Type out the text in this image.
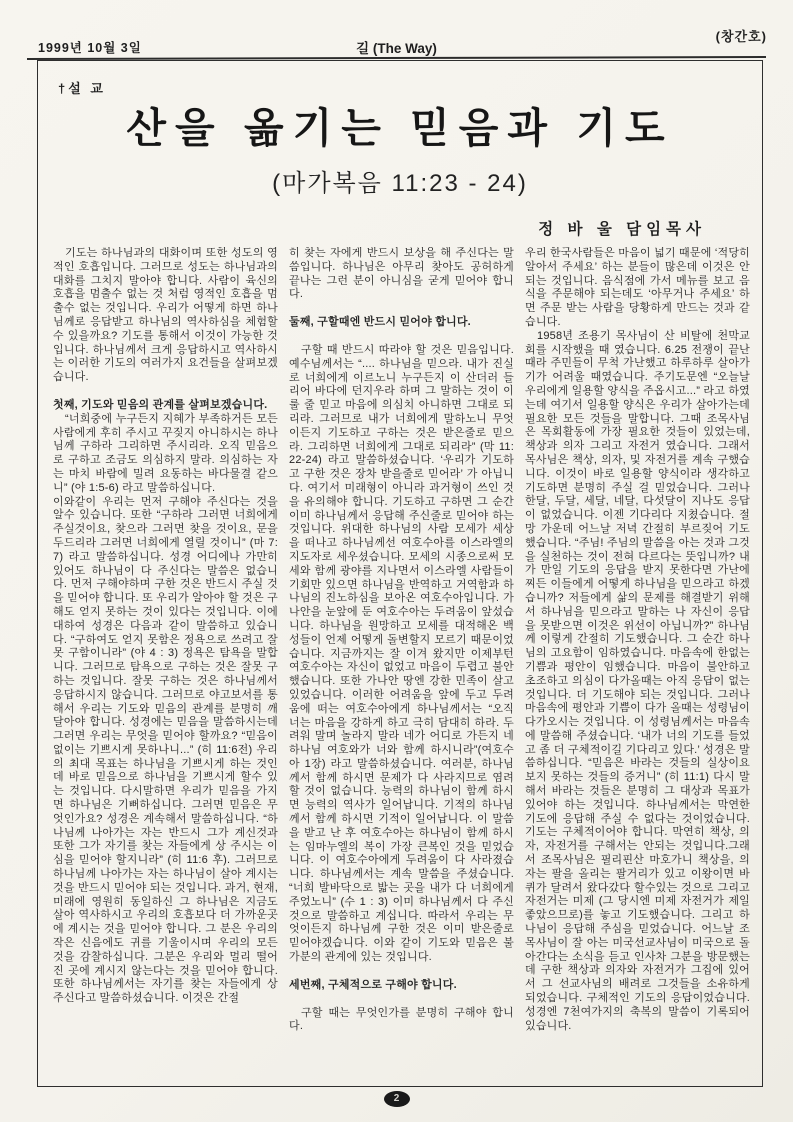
(창간호)
1999년 10월 3일	길 (The Way)
†설 교
산을 옮기는 믿음과 기도
(마가복음 11:23 - 24)
정 바 울 담임목사

기도는 하나님과의 대화이며 또한 성도의 영적인 호흡입니다. 그러므로 성도는 하나님과의 대화를 그치지 말아야 합니다. 사람이 육신의 호흡을 멈출수 없는 것 처럼 영적인 호흡을 멈출수 없는 것입니다. 우리가 어떻게 하면 하나님께로 응답받고 하나님의 역사하심을 체험할 수 있을까요? 기도를 통해서 이것이 가능한 것입니다. 하나님께서 크게 응답하시고 역사하시는 이러한 기도의 여러가지 요건들을 살펴보겠습니다.

첫째, 기도와 믿음의 관계를 살펴보겠습니다.

“너희중에 누구든지 지혜가 부족하거든 모든 사람에게 후히 주시고 꾸짖지 아니하시는 하나님께 구하라 그리하면 주시리라. 오직 믿음으로 구하고 조금도 의심하지 말라. 의심하는 자는 마치 바람에 밀려 요동하는 바다물결 같으니” (야 1:5-6) 라고 말씀하십니다.

이와같이 우리는 먼저 구해야 주신다는 것을 알수 있습니다. 또한 “구하라 그러면 너희에게 주실것이요, 찾으라 그러면 찾을 것이요, 문을 두드리라 그러면 너희에게 열릴 것이니” (마 7:7) 라고 말씀하십니다. 성경 어디에나 가만히 있어도 하나님이 다 주신다는 말씀은 없습니다. 먼저 구해야하며 구한 것은 반드시 주실 것을 믿어야 합니다. 또 우리가 알아야 할 것은 구해도 얻지 못하는 것이 있다는 것입니다. 이에 대하여 성경은 다음과 같이 말씀하고 있습니다. “구하여도 얻지 못함은 정욕으로 쓰려고 잘못 구함이니라” (야 4 : 3) 정욕은 탐욕을 말합니다. 그러므로 탐욕으로 구하는 것은 잘못 구하는 것입니다. 잘못 구하는 것은 하나님께서 응답하시지 않습니다. 그러므로 야고보서를 통해서 우리는 기도와 믿음의 관계를 분명히 깨달아야 합니다. 성경에는 믿음을 말씀하시는데 그러면 우리는 무엇을 믿어야 할까요? “믿음이 없이는 기쁘시게 못하나니...” (히 11:6전) 우리의 최대 목표는 하나님을 기쁘시게 하는 것인데 바로 믿음으로 하나님을 기쁘시게 할수 있는 것입니다. 다시말하면 우리가 믿음을 가지면 하나님은 기뻐하십니다. 그러면 믿음은 무엇인가요? 성경은 계속해서 말씀하십니다. “하나님께 나아가는 자는 반드시 그가 계신것과 또한 그가 자기를 찾는 자들에게 상 주시는 이심을 믿어야 할지니라” (히 11:6 후). 그러므로 하나님께 나아가는 자는 하나님이 살아 계시는 것을 반드시 믿어야 되는 것입니다. 과거, 현재, 미래에 영원히 동일하신 그 하나님은 지금도 살아 역사하시고 우리의 호흡보다 더 가까운곳에 계시는 것을 믿어야 합니다. 그 분은 우리의 작은 신음에도 귀를 기울이시며 우리의 모든 것을 감찰하십니다. 그분은 우리와 멀리 떨어진 곳에 계시지 않는다는 것을 믿어야 합니다. 또한 하나님께서는 자기를 찾는 자들에게 상 주신다고 말씀하셨습니다. 이것은 간절

히 찾는 자에게 반드시 보상을 해 주신다는 말씀입니다. 하나님은 아무리 찾아도 공허하게 끝나는 그런 분이 아니심을 굳게 믿어야 합니다.

둘째, 구할때엔 반드시 믿어야 합니다.

구할 때 반드시 따라야 할 것은 믿음입니다. 예수님께서는 “.... 하나님을 믿으라. 내가 진실로 너희에게 이르노니 누구든지 이 산더러 들리어 바다에 던지우라 하며 그 말하는 것이 이룰 줄 믿고 마음에 의심치 아니하면 그대로 되리라. 그러므로 내가 너희에게 말하노니 무엇이든지 기도하고 구하는 것은 받은줄로 믿으라. 그리하면 너희에게 그대로 되리라” (막 11:22-24) 라고 말씀하셨습니다. ‘우리가 기도하고 구한 것은 장차 받을줄로 믿어라’ 가 아닙니다. 여기서 미래형이 아니라 과거형이 쓰인 것을 유의해야 합니다. 기도하고 구하면 그 순간 이미 하나님께서 응답해 주신줄로 믿어야 하는 것입니다. 위대한 하나님의 사람 모세가 세상을 떠나고 하나님께선 여호수아를 이스라엘의 지도자로 세우셨습니다. 모세의 시종으로써 모세와 함께 광야를 지나면서 이스라엘 사람들이 기회만 있으면 하나님을 반역하고 거역함과 하나님의 진노하심을 보아온 여호수아입니다. 가나안을 눈앞에 둔 여호수아는 두려움이 앞섰습니다. 하나님을 원망하고 모세를 대적해온 백성들이 언제 어떻게 돌변할지 모르기 때문이었습니다. 지금까지는 잘 이겨 왔지만 이제부턴 여호수아는 자신이 없었고 마음이 두렵고 불안했습니다. 또한 가나안 땅엔 강한 민족이 살고 있었습니다. 이러한 어려움을 앞에 두고 두려움에 떠는 여호수아에게 하나님께서는 “오직 너는 마음을 강하게 하고 극히 담대히 하라. 두려워 말며 놀라지 말라 네가 어디로 가든지 네 하나님 여호와가 너와 함께 하시니라”(여호수아 1장) 라고 말씀하셨습니다. 여러분, 하나님께서 함께 하시면 문제가 다 사라지므로 염려할 것이 없습니다. 능력의 하나님이 함께 하시면 능력의 역사가 일어납니다. 기적의 하나님께서 함께 하시면 기적이 일어납니다. 이 말씀을 받고 난 후 여호수아는 하나님이 함께 하시는 임마누엘의 복이 가장 큰복인 것을 믿었습니다. 이 여호수아에게 두려움이 다 사라졌습니다. 하나님께서는 계속 말씀을 주셨습니다. “너희 발바닥으로 밟는 곳을 내가 다 너희에게 주었노니” (수 1 : 3) 이미 하나님께서 다 주신 것으로 말씀하고 계십니다. 따라서 우리는 무엇이든지 하나님께 구한 것은 이미 받은줄로 믿어야겠습니다. 이와 같이 기도와 믿음은 불가분의 관계에 있는 것입니다.

세번째, 구체적으로 구해야 합니다.

구할 때는 무엇인가를 분명히 구해야 합니다.

우리 한국사람들은 마음이 넓기 때문에 ‘적당히 알아서 주세요’ 하는 분들이 많은데 이것은 안되는 것입니다. 음식점에 가서 메뉴를 보고 음식을 주문해야 되는데도 ‘아무거나 주세요’ 하면 주문 받는 사람을 당황하게 만드는 것과 같습니다.

1958년 조용기 목사님이 산 비탈에 천막교회를 시작했을 때 였습니다. 6.25 전쟁이 끝난 때라 주민들이 무척 가난했고 하루하루 살아가기가 어려울 때였습니다. 주기도문엔 “오늘날 우리에게 일용할 양식을 주옵시고...” 라고 하였는데 여기서 일용할 양식은 우리가 살아가는데 필요한 모든 것들을 말합니다. 그때 조목사님은 목회활동에 가장 필요한 것들이 있었는데, 책상과 의자 그리고 자전거 였습니다. 그래서 목사님은 책상, 의자, 및 자전거를 계속 구했습니다. 이것이 바로 일용할 양식이라 생각하고 기도하면 분명히 주실 걸 믿었습니다. 그러나 한달, 두달, 세달, 네달, 다섯달이 지나도 응답이 없었습니다. 이젠 기다리다 지쳤습니다. 절망 가운데 어느날 저녁 간절히 부르짖어 기도했습니다. “주님! 주님의 말씀을 아는 것과 그것을 실천하는 것이 전혀 다르다는 뜻입니까? 내가 만일 기도의 응답을 받지 못한다면 가난에 찌든 이들에게 어떻게 하나님을 믿으라고 하겠습니까? 저들에게 삶의 문제를 해결받기 위해서 하나님을 믿으라고 말하는 나 자신이 응답을 못받으면 이것은 위선이 아닙니까?” 하나님께 이렇게 간절히 기도했습니다. 그 순간 하나님의 고요함이 임하였습니다. 마음속에 한없는 기쁨과 평안이 임했습니다. 마음이 불안하고 초조하고 의심이 다가올때는 아직 응답이 없는 것입니다. 더 기도해야 되는 것입니다. 그러나 마음속에 평안과 기쁨이 다가 올때는 성령님이 다가오시는 것입니다. 이 성령님께서는 마음속에 말씀해 주셨습니다. ‘내가 너의 기도를 들었고 좀 더 구체적이길 기다리고 있다.’ 성경은 말씀하십니다. “믿음은 바라는 것들의 실상이요 보지 못하는 것들의 증거니” (히 11:1) 다시 말해서 바라는 것들은 분명히 그 대상과 목표가 있어야 하는 것입니다. 하나님께서는 막연한 기도에 응답해 주실 수 없다는 것이었습니다. 기도는 구체적이어야 합니다. 막연히 책상, 의자, 자전거를 구해서는 안되는 것입니다.그래서 조목사님은 필리핀산 마호가니 책상을, 의자는 팔을 올리는 팔거리가 있고 이왕이면 바퀴가 달려서 왔다갔다 할수있는 것으로 그리고 자전거는 미제 (그 당시엔 미제 자전거가 제일 좋았으므로)를 놓고 기도했습니다. 그리고 하나님이 응답해 주심을 믿었습니다. 어느날 조목사님이 잘 아는 미국선교사님이 미국으로 돌아간다는 소식을 듣고 인사차 그분을 방문했는데 구한 책상과 의자와 자전거가 그집에 있어서 그 선교사님의 배려로 그것들을 소유하게 되었습니다. 구체적인 기도의 응답이었습니다. 성경엔 7천여가지의 축복의 말씀이 기록되어 있습니다.

2
